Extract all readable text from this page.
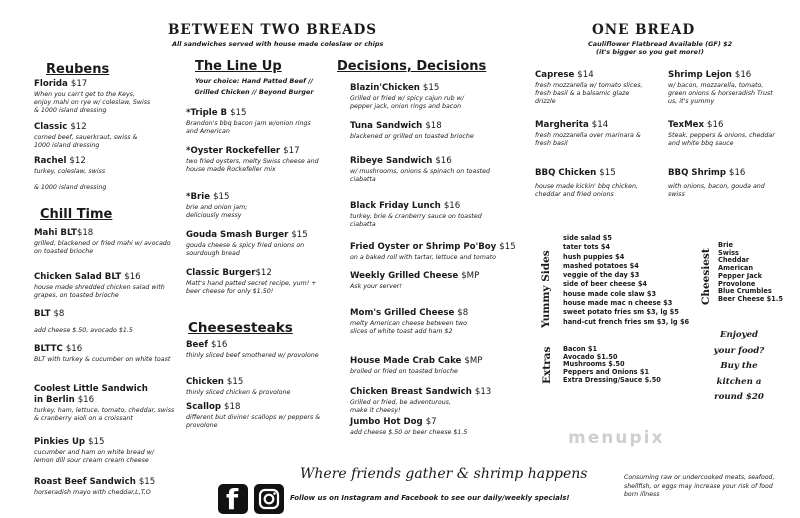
BETWEEN TWO BREADS
All sandwiches served with house made coleslaw or chips
ONE BREAD
Cauliflower Flatbread Available (GF) $2
(it's bigger so you get more!)
Reubens
Florida $17
When you can't get to the Keys, enjoy mahi on rye w/ coleslaw, Swiss & 1000 island dressing
Classic $12
corned beef, sauerkraut, swiss & 1000 island dressing
Rachel $12
turkey, coleslaw, swiss
& 1000 island dressing
Chill Time
Mahi BLT$18
grilled, blackened or fried mahi w/ avocado on toasted brioche
Chicken Salad BLT $16
house made shredded chicken salad with grapes, on toasted brioche
BLT $8
add cheese $.50, avocado $1.5
BLTTC $16
BLT with turkey & cucumber on white toast
Coolest Little Sandwich
in Berlin $16
turkey, ham, lettuce, tomato, cheddar, swiss & cranberry aioli on a croissant
Pinkies Up $15
cucumber and ham on white bread w/ lemon dill sour cream cream cheese
Roast Beef Sandwich $15
horseradish mayo with cheddar,L,T,O
The Line Up
Your choice: Hand Patted Beef // Grilled Chicken // Beyond Burger
*Triple B $15
Brandon's bbq bacon jam w/onion rings and American
*Oyster Rockefeller $17
two fried oysters, melty Swiss cheese and house made Rockefeller mix
*Brie $15
brie and onion jam; deliciously messy
Gouda Smash Burger $15
gouda cheese & spicy fried onions on sourdough bread
Classic Burger$12
Matt's hand patted secret recipe, yum! + beer cheese for only $1.50!
Cheesesteaks
Beef $16
thinly sliced beef smothered w/ provolone
Chicken $15
thinly sliced chicken & provolone
Scallop $18
different but divine! scallops w/ peppers & provolone
Decisions, Decisions
Blazin'Chicken $15
Grilled or fried w/ spicy cajun rub w/ pepper jack, onion rings and bacon
Tuna Sandwich $18
blackened or grilled on toasted brioche
Ribeye Sandwich $16
w/ mushrooms, onions & spinach on toasted ciabatta
Black Friday Lunch $16
turkey, brie & cranberry sauce on toasted ciabatta
Fried Oyster or Shrimp Po'Boy $15
on a baked roll with tartar, lettuce and tomato
Weekly Grilled Cheese $MP
Ask your server!
Mom's Grilled Cheese $8
melty American cheese between two slices of white toast add ham $2
House Made Crab Cake $MP
broiled or fried on toasted brioche
Chicken Breast Sandwich $13
Grilled or fried, be adventurous, make it cheesy!
Jumbo Hot Dog $7
add cheese $.50 or beer cheese $1.5
Caprese $14
fresh mozzarella w/ tomato slices, fresh basil & a balsamic glaze drizzle
Margherita $14
fresh mozzarella over marinara & fresh basil
BBQ Chicken $15
house made kickin' bbq chicken, cheddar and fried onions
Shrimp Lejon $16
w/ bacon, mozzarella, tomato, green onions & horseradish Trust us, it's yummy
TexMex $16
Steak, peppers & onions, cheddar and white bbq sauce
BBQ Shrimp $16
with onions, bacon, gouda and swiss
Yummy Sides
side salad $5
tater tots $4
hush puppies $4
mashed potatoes $4
veggie of the day $3
side of beer cheese $4
house made cole slaw $3
house made mac n cheese $3
sweet potato fries sm $3, lg $5
hand-cut french fries sm $3, lg $6
Cheesiest
Brie
Swiss
Cheddar
American
Pepper Jack
Provolone
Blue Crumbles
Beer Cheese $1.5
Extras Bacon $1
Avocado $1.50
Mushrooms $.50
Peppers and Onions $1
Extra Dressing/Sauce $.50
Enjoyed
your food?
Buy the
kitchen a
round $20
menupix
Where friends gather & shrimp happens
f	Follow us on Instagram and Facebook to see our daily/weekly specials!
Consuming raw or undercooked meats, seafood, shellfish, or eggs may increase your risk of food born illness
